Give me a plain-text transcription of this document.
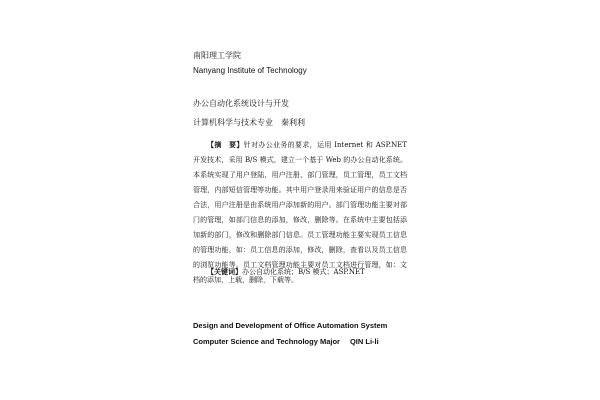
南阳理工学院
Nanyang Institute of Technology
办公自动化系统设计与开发
计算机科学与技术专业　秦利利
【摘　要】针对办公业务的要求，运用 Internet 和 ASP.NET 开发技术，采用 B/S 模式，建立一个基于 Web 的办公自动化系统。本系统实现了用户登陆，用户注册，部门管理，员工管理，员工文档管理，内部短信管理等功能。其中用户登录用来验证用户的信息是否合法，用户注册是由系统用户添加新的用户。部门管理功能主要对部门的管理，如部门信息的添加，修改，删除等。在系统中主要包括添加新的部门，修改和删除部门信息。员工管理功能主要实现员工信息的管理功能，如：员工信息的添加，修改，删除，查看以及员工信息的浏览功能等。员工文档管理功能主要对员工文档进行管理，如：文档的添加，上载，删除，下载等。
【关键词】办公自动化系统；B/S 模式；ASP.NET
Design and Development of Office Automation System
Computer Science and Technology Major QIN Li-li
